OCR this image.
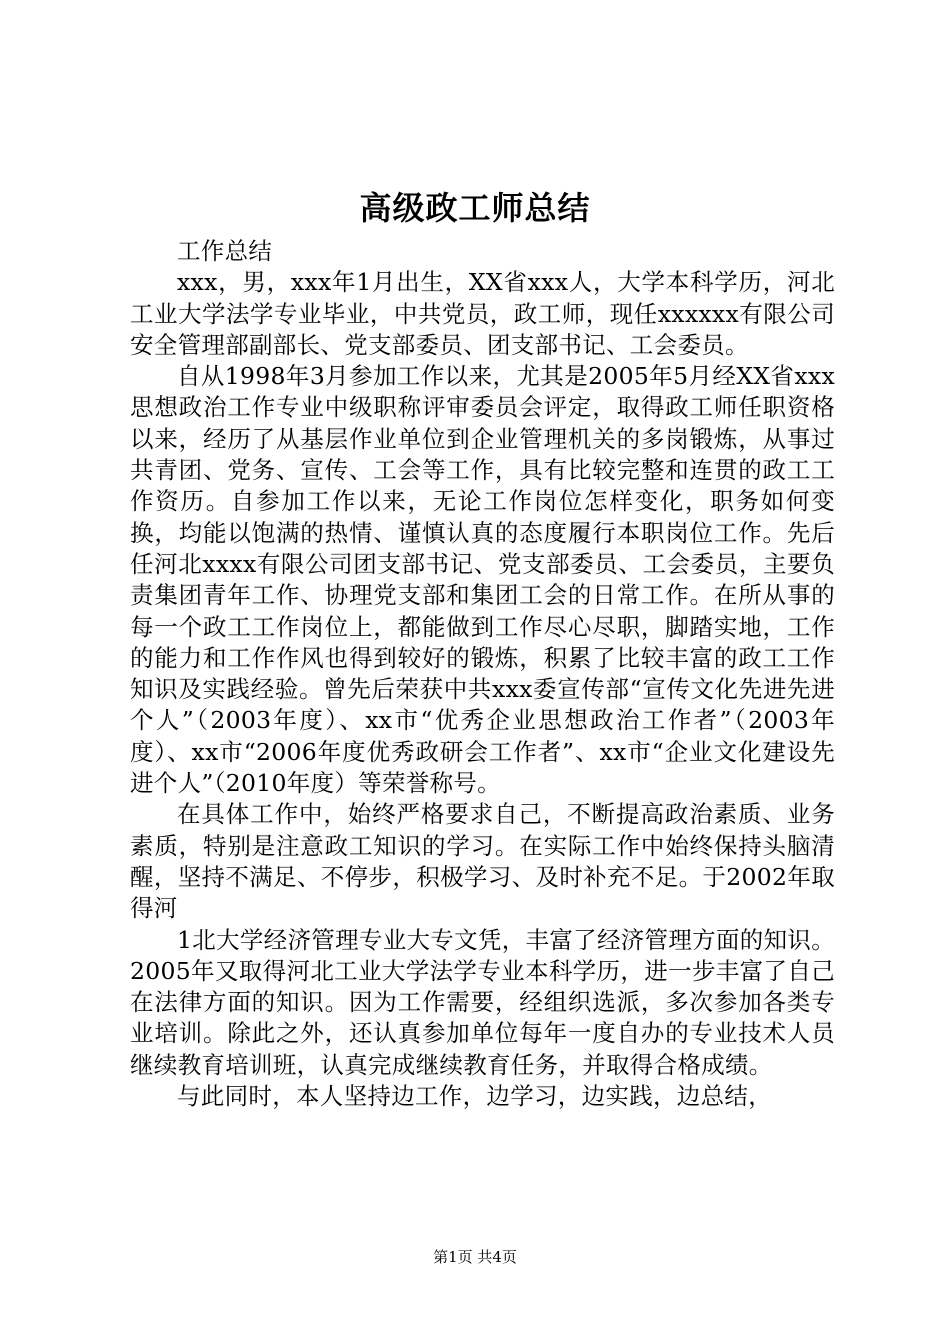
高级政工师总结

工作总结

xxx，男，xxx年1月出生，XX省xxx人，大学本科学历，河北工业大学法学专业毕业，中共党员，政工师，现任xxxxxx有限公司安全管理部副部长、党支部委员、团支部书记、工会委员。

自从1998年3月参加工作以来，尤其是2005年5月经XX省xxx思想政治工作专业中级职称评审委员会评定，取得政工师任职资格以来，经历了从基层作业单位到企业管理机关的多岗锻炼，从事过共青团、党务、宣传、工会等工作，具有比较完整和连贯的政工工作资历。自参加工作以来，无论工作岗位怎样变化，职务如何变换，均能以饱满的热情、谨慎认真的态度履行本职岗位工作。先后任河北xxxx有限公司团支部书记、党支部委员、工会委员，主要负责集团青年工作、协理党支部和集团工会的日常工作。在所从事的每一个政工工作岗位上，都能做到工作尽心尽职，脚踏实地，工作的能力和工作作风也得到较好的锻炼，积累了比较丰富的政工工作知识及实践经验。曾先后荣获中共xxx委宣传部“宣传文化先进先进个人”（2003年度）、xx市“优秀企业思想政治工作者”（2003年度）、xx市“2006年度优秀政研会工作者”、xx市“企业文化建设先进个人”（2010年度）等荣誉称号。

在具体工作中，始终严格要求自己，不断提高政治素质、业务素质，特别是注意政工知识的学习。在实际工作中始终保持头脑清醒，坚持不满足、不停步，积极学习、及时补充不足。于2002年取得河

1北大学经济管理专业大专文凭，丰富了经济管理方面的知识。2005年又取得河北工业大学法学专业本科学历，进一步丰富了自己在法律方面的知识。因为工作需要，经组织选派，多次参加各类专业培训。除此之外，还认真参加单位每年一度自办的专业技术人员继续教育培训班，认真完成继续教育任务，并取得合格成绩。

与此同时，本人坚持边工作，边学习，边实践，边总结，

第1页 共4页
